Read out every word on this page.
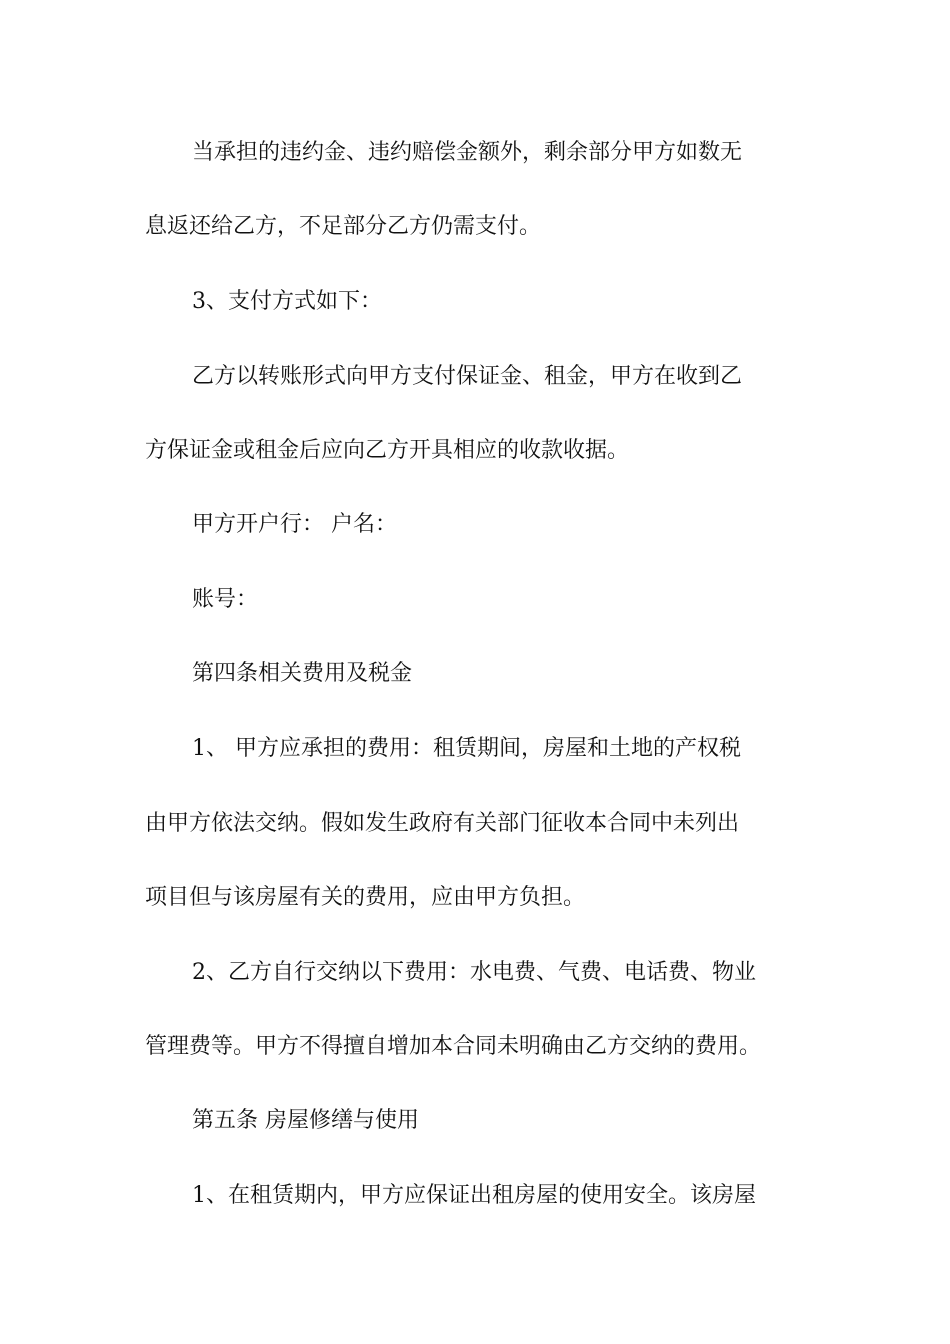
当承担的违约金、违约赔偿金额外，剩余部分甲方如数无
息返还给乙方，不足部分乙方仍需支付。
3、支付方式如下：
乙方以转账形式向甲方支付保证金、租金，甲方在收到乙
方保证金或租金后应向乙方开具相应的收款收据。
甲方开户行： 户名：
账号：
第四条相关费用及税金
1、 甲方应承担的费用：租赁期间，房屋和土地的产权税
由甲方依法交纳。假如发生政府有关部门征收本合同中未列出
项目但与该房屋有关的费用，应由甲方负担。
2、乙方自行交纳以下费用：水电费、气费、电话费、物业
管理费等。甲方不得擅自增加本合同未明确由乙方交纳的费用。
第五条 房屋修缮与使用
1、在租赁期内，甲方应保证出租房屋的使用安全。该房屋
